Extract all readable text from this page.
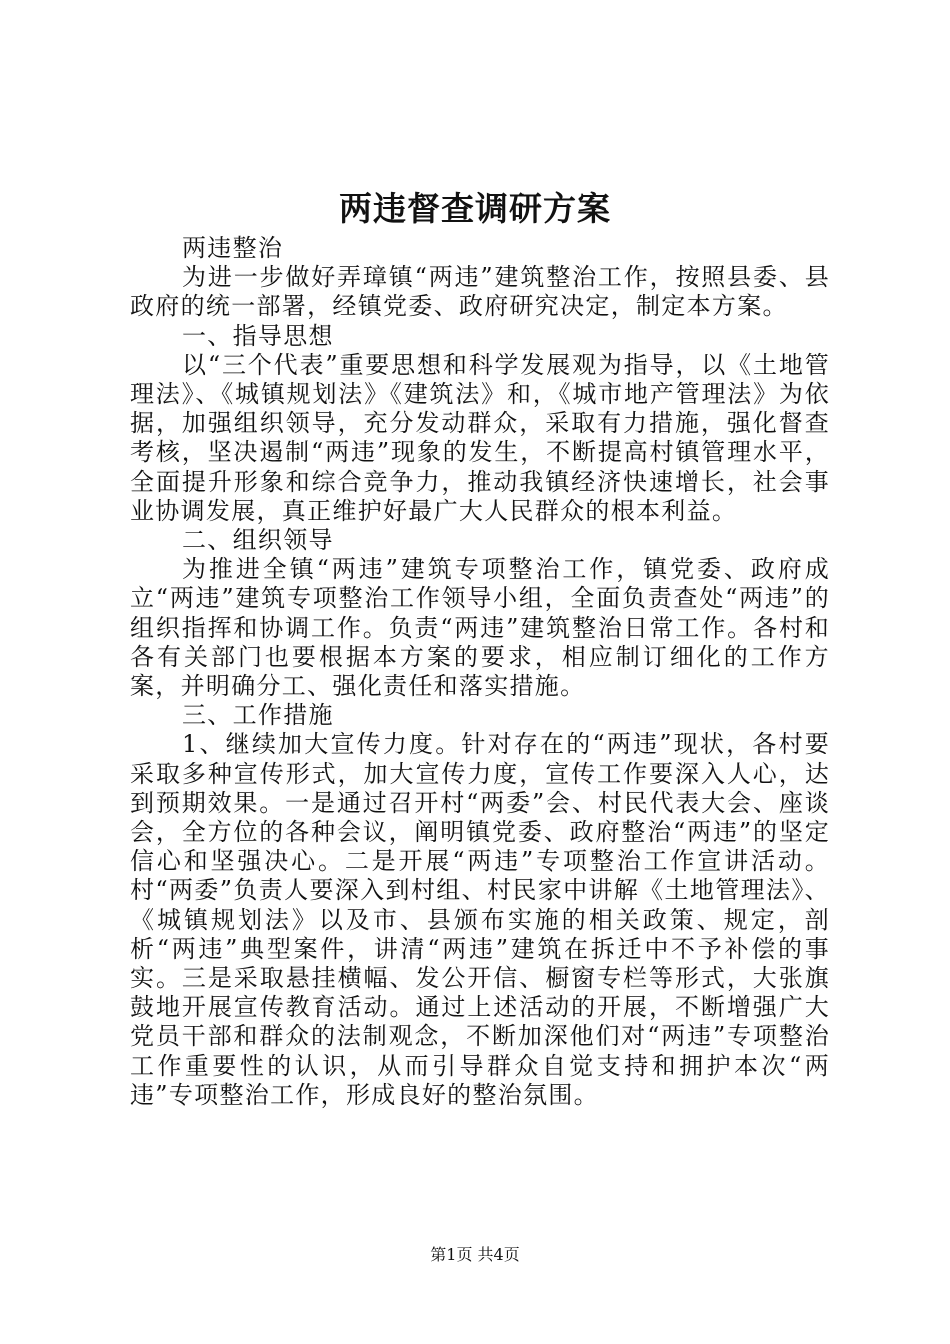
两违督查调研方案

两违整治

为进一步做好弄璋镇“两违”建筑整治工作，按照县委、县政府的统一部署，经镇党委、政府研究决定，制定本方案。

一、指导思想

以“三个代表”重要思想和科学发展观为指导，以《土地管理法》、《城镇规划法》《建筑法》和，《城市地产管理法》为依据，加强组织领导，充分发动群众，采取有力措施，强化督查考核，坚决遏制“两违”现象的发生，不断提高村镇管理水平，全面提升形象和综合竞争力，推动我镇经济快速增长，社会事业协调发展，真正维护好最广大人民群众的根本利益。

二、组织领导

为推进全镇“两违”建筑专项整治工作，镇党委、政府成立“两违”建筑专项整治工作领导小组，全面负责查处“两违”的组织指挥和协调工作。负责“两违”建筑整治日常工作。各村和各有关部门也要根据本方案的要求，相应制订细化的工作方案，并明确分工、强化责任和落实措施。

三、工作措施

1、继续加大宣传力度。针对存在的“两违”现状，各村要采取多种宣传形式，加大宣传力度，宣传工作要深入人心，达到预期效果。一是通过召开村“两委”会、村民代表大会、座谈会，全方位的各种会议，阐明镇党委、政府整治“两违”的坚定信心和坚强决心。二是开展“两违”专项整治工作宣讲活动。村“两委”负责人要深入到村组、村民家中讲解《土地管理法》、《城镇规划法》以及市、县颁布实施的相关政策、规定，剖析“两违”典型案件，讲清“两违”建筑在拆迁中不予补偿的事实。三是采取悬挂横幅、发公开信、橱窗专栏等形式，大张旗鼓地开展宣传教育活动。通过上述活动的开展，不断增强广大党员干部和群众的法制观念，不断加深他们对“两违”专项整治工作重要性的认识，从而引导群众自觉支持和拥护本次“两违”专项整治工作，形成良好的整治氛围。

第1页 共4页
